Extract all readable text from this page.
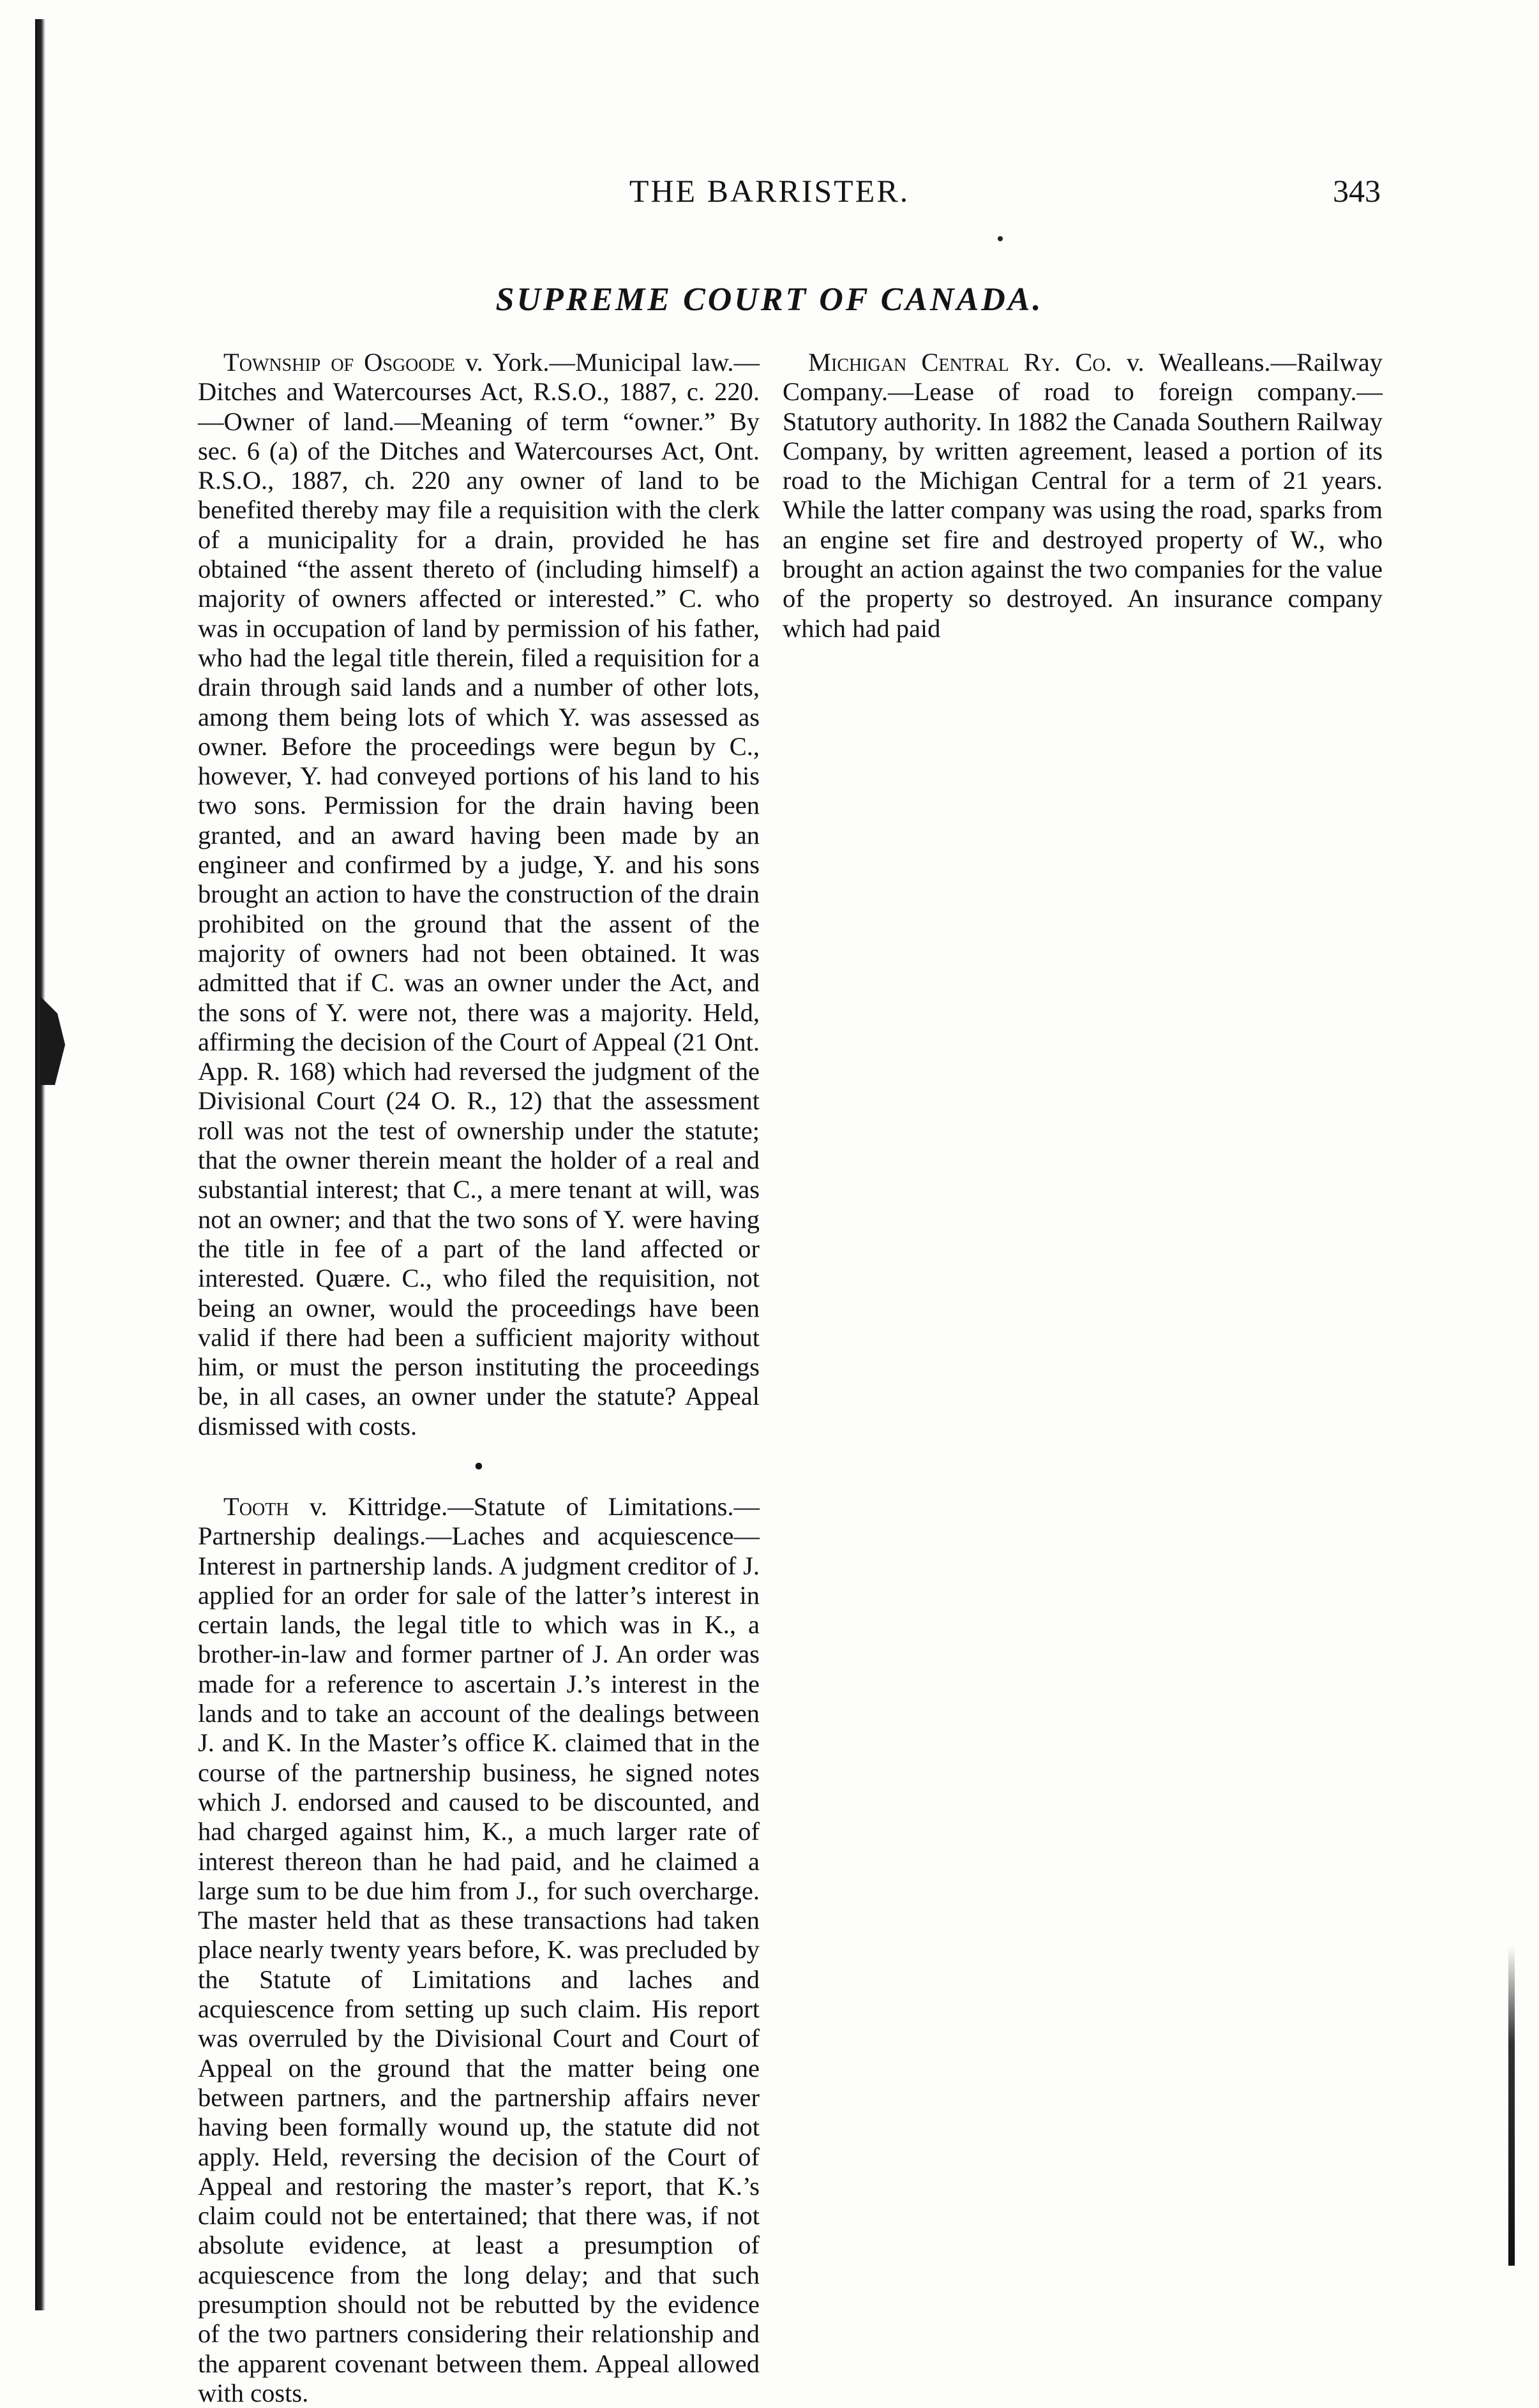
THE BARRISTER.	343
SUPREME COURT OF CANADA.

Township of Osgoode v. York.—Municipal law.—Ditches and Watercourses Act, R.S.O., 1887, c. 220.—Owner of land.—Meaning of term “owner.” By sec. 6 (a) of the Ditches and Watercourses Act, Ont. R.S.O., 1887, ch. 220 any owner of land to be benefited thereby may file a requisition with the clerk of a municipality for a drain, provided he has obtained “the assent thereto of (including himself) a majority of owners affected or interested.” C. who was in occupation of land by permission of his father, who had the legal title therein, filed a requisition for a drain through said lands and a number of other lots, among them being lots of which Y. was assessed as owner. Before the proceedings were begun by C., however, Y. had conveyed portions of his land to his two sons. Permission for the drain having been granted, and an award having been made by an engineer and confirmed by a judge, Y. and his sons brought an action to have the construction of the drain prohibited on the ground that the assent of the majority of owners had not been obtained. It was admitted that if C. was an owner under the Act, and the sons of Y. were not, there was a majority. Held, affirming the decision of the Court of Appeal (21 Ont. App. R. 168) which had reversed the judgment of the Divisional Court (24 O. R., 12) that the assessment roll was not the test of ownership under the statute; that the owner therein meant the holder of a real and substantial interest; that C., a mere tenant at will, was not an owner; and that the two sons of Y. were having the title in fee of a part of the land affected or interested. Quære. C., who filed the requisition, not being an owner, would the proceedings have been valid if there had been a sufficient majority without him, or must the person instituting the proceedings be, in all cases, an owner under the statute? Appeal dismissed with costs.

•

Tooth v. Kittridge.—Statute of Limitations.—Partnership dealings.—Laches and acquiescence—Interest in partnership lands. A judgment creditor of J. applied for an order for sale of the latter’s interest in certain lands, the legal title to which was in K., a brother-in-law and former partner of J. An order was made for a reference to ascertain J.’s interest in the lands and to take an account of the dealings between J. and K. In the Master’s office K. claimed that in the course of the partnership business, he signed notes which J. endorsed and caused to be discounted, and had charged against him, K., a much larger rate of interest thereon than he had paid, and he claimed a large sum to be due him from J., for such overcharge. The master held that as these transactions had taken place nearly twenty years before, K. was precluded by the Statute of Limitations and laches and acquiescence from setting up such claim. His report was overruled by the Divisional Court and Court of Appeal on the ground that the matter being one between partners, and the partnership affairs never having been formally wound up, the statute did not apply. Held, reversing the decision of the Court of Appeal and restoring the master’s report, that K.’s claim could not be entertained; that there was, if not absolute evidence, at least a presumption of acquiescence from the long delay; and that such presumption should not be rebutted by the evidence of the two partners considering their relationship and the apparent covenant between them. Appeal allowed with costs.

Michigan Central Ry. Co. v. Wealleans.—Railway Company.—Lease of road to foreign company.—Statutory authority. In 1882 the Canada Southern Railway Company, by written agreement, leased a portion of its road to the Michigan Central for a term of 21 years. While the latter company was using the road, sparks from an engine set fire and destroyed property of W., who brought an action against the two companies for the value of the property so destroyed. An insurance company which had paid
